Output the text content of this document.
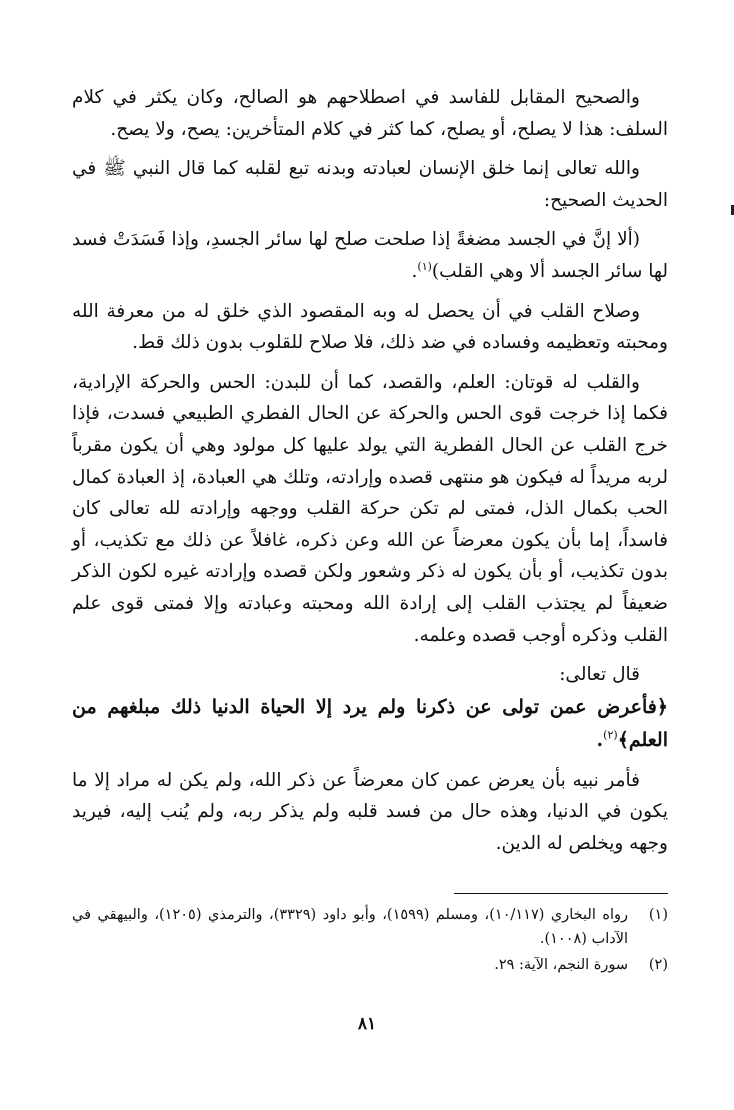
والصحيح المقابل للفاسد في اصطلاحهم هو الصالح، وكان يكثر في كلام السلف: هذا لا يصلح، أو يصلح، كما كثر في كلام المتأخرين: يصح، ولا يصح.

والله تعالى إنما خلق الإنسان لعبادته وبدنه تبع لقلبه كما قال النبي ﷺ في الحديث الصحيح:

(ألا إنَّ في الجسد مضغةً إذا صلحت صلح لها سائر الجسدِ، وإذا فَسَدَتْ فسد لها سائر الجسد ألا وهي القلب)$^{(١)}$.

وصلاح القلب في أن يحصل له وبه المقصود الذي خلق له من معرفة الله ومحبته وتعظيمه وفساده في ضد ذلك، فلا صلاح للقلوب بدون ذلك قط.

والقلب له قوتان: العلم، والقصد، كما أن للبدن: الحس والحركة الإرادية، فكما إذا خرجت قوى الحس والحركة عن الحال الفطري الطبيعي فسدت، فإذا خرج القلب عن الحال الفطرية التي يولد عليها كل مولود وهي أن يكون مقرباً لربه مريداً له فيكون هو منتهى قصده وإرادته، وتلك هي العبادة، إذ العبادة كمال الحب بكمال الذل، فمتى لم تكن حركة القلب ووجهه وإرادته لله تعالى كان فاسداً، إما بأن يكون معرضاً عن الله وعن ذكره، غافلاً عن ذلك مع تكذيب، أو بدون تكذيب، أو بأن يكون له ذكر وشعور ولكن قصده وإرادته غيره لكون الذكر ضعيفاً لم يجتذب القلب إلى إرادة الله ومحبته وعبادته وإلا فمتى قوى علم القلب وذكره أوجب قصده وعلمه.

قال تعالى:

﴿فأعرض عمن تولى عن ذكرنا ولم يرد إلا الحياة الدنيا ذلك مبلغهم من العلم﴾$^{(٢)}$.

فأمر نبيه بأن يعرض عمن كان معرضاً عن ذكر الله، ولم يكن له مراد إلا ما يكون في الدنيا، وهذه حال من فسد قلبه ولم يذكر ربه، ولم يُنب إليه، فيريد وجهه ويخلص له الدين.

(١)
رواه البخاري (١٠/١١٧)، ومسلم (١٥٩٩)، وأبو داود (٣٣٢٩)، والترمذي (١٢٠٥)، والبيهقي في الآداب (١٠٠٨).
(٢)
سورة النجم، الآية: ٢٩.
٨١
